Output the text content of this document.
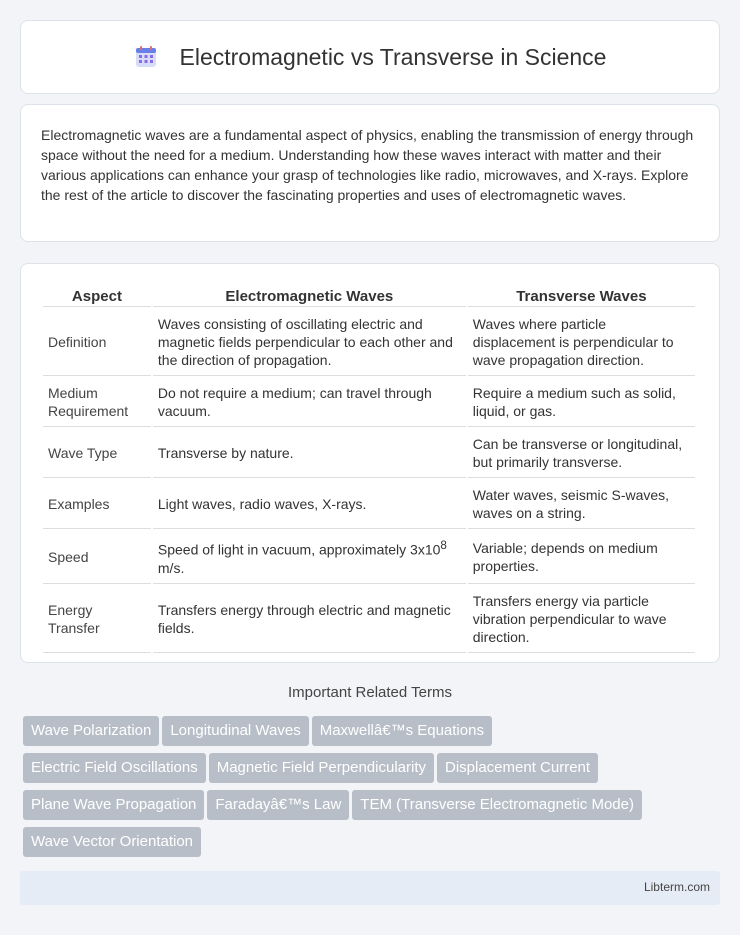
Electromagnetic vs Transverse in Science

Electromagnetic waves are a fundamental aspect of physics, enabling the transmission of energy through space without the need for a medium. Understanding how these waves interact with matter and their various applications can enhance your grasp of technologies like radio, microwaves, and X-rays. Explore the rest of the article to discover the fascinating properties and uses of electromagnetic waves.

Aspect	Electromagnetic Waves	Transverse Waves
Definition	Waves consisting of oscillating electric and magnetic fields perpendicular to each other and the direction of propagation.	Waves where particle displacement is perpendicular to wave propagation direction.
Medium Requirement	Do not require a medium; can travel through vacuum.	Require a medium such as solid, liquid, or gas.
Wave Type	Transverse by nature.	Can be transverse or longitudinal, but primarily transverse.
Examples	Light waves, radio waves, X-rays.	Water waves, seismic S-waves, waves on a string.
Speed	Speed of light in vacuum, approximately $3x10^8$ m/s.	Variable; depends on medium properties.
Energy Transfer	Transfers energy through electric and magnetic fields.	Transfers energy via particle vibration perpendicular to wave direction.
Important Related Terms
Wave Polarization Longitudinal Waves Maxwellâ€™s Equations
Electric Field Oscillations Magnetic Field Perpendicularity Displacement Current
Plane Wave Propagation Faradayâ€™s Law TEM (Transverse Electromagnetic Mode)
Wave Vector Orientation
Libterm.com
